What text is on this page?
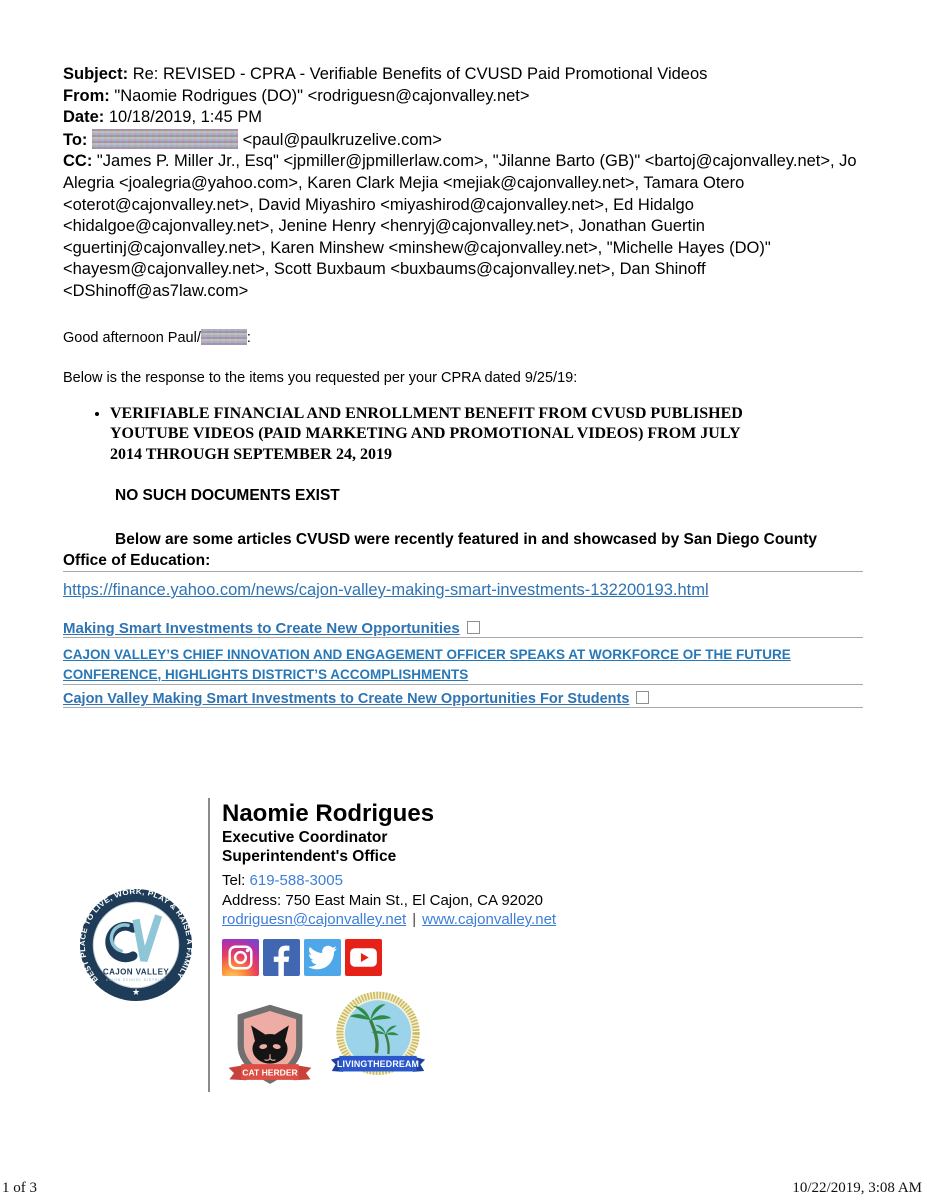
Subject: Re: REVISED - CPRA - Verifiable Benefits of CVUSD Paid Promotional Videos

From: "Naomie Rodrigues (DO)" <rodriguesn@cajonvalley.net>

Date: 10/18/2019, 1:45 PM

To:	<paul@paulkruzelive.com>

CC: "James P. Miller Jr., Esq" <jpmiller@jpmillerlaw.com>, "Jilanne Barto (GB)" <bartoj@cajonvalley.net>, Jo Alegria <joalegria@yahoo.com>, Karen Clark Mejia <mejiak@cajonvalley.net>, Tamara Otero <oterot@cajonvalley.net>, David Miyashiro <miyashirod@cajonvalley.net>, Ed Hidalgo <hidalgoe@cajonvalley.net>, Jenine Henry <henryj@cajonvalley.net>, Jonathan Guertin <guertinj@cajonvalley.net>, Karen Minshew <minshew@cajonvalley.net>, "Michelle Hayes (DO)" <hayesm@cajonvalley.net>, Scott Buxbaum <buxbaums@cajonvalley.net>, Dan Shinoff <DShinoff@as7law.com>

Good afternoon Paul/	:

Below is the response to the items you requested per your CPRA dated 9/25/19:

• VERIFIABLE FINANCIAL AND ENROLLMENT BENEFIT FROM CVUSD PUBLISHED YOUTUBE VIDEOS (PAID MARKETING AND PROMOTIONAL VIDEOS) FROM JULY 2014 THROUGH SEPTEMBER 24, 2019

NO SUCH DOCUMENTS EXIST

Below are some articles CVUSD were recently featured in and showcased by San Diego County Office of Education:

https://finance.yahoo.com/news/cajon-valley-making-smart-investments-132200193.html

Making Smart Investments to Create New Opportunities

CAJON VALLEY’S CHIEF INNOVATION AND ENGAGEMENT OFFICER SPEAKS AT WORKFORCE OF THE FUTURE CONFERENCE, HIGHLIGHTS DISTRICT’S ACCOMPLISHMENTS

Cajon Valley Making Smart Investments to Create New Opportunities For Students

BEST PLACE TO LIVE, WORK, PLAY & RAISE A FAMILY
★
CAJON VALLEY
UNION SCHOOL DISTRICT
Naomie Rodrigues
Executive Coordinator
Superintendent's Office
Tel: 619-588-3005
Address: 750 East Main St., El Cajon, CA 92020
rodriguesn@cajonvalley.net | www.cajonvalley.net
CAT HERDER
LIVINGTHEDREAM
1 of 3	10/22/2019, 3:08 AM
